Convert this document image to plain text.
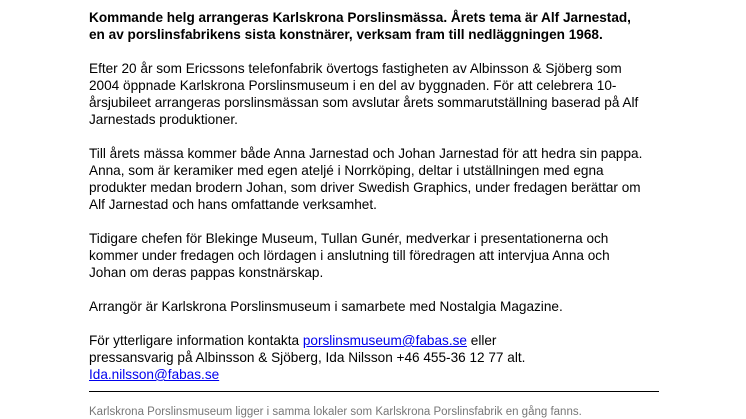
Kommande helg arrangeras Karlskrona Porslinsmässa. Årets tema är Alf Jarnestad,
en av porslinsfabrikens sista konstnärer, verksam fram till nedläggningen 1968.

Efter 20 år som Ericssons telefonfabrik övertogs fastigheten av Albinsson & Sjöberg som
2004 öppnade Karlskrona Porslinsmuseum i en del av byggnaden. För att celebrera 10-
årsjubileet arrangeras porslinsmässan som avslutar årets sommarutställning baserad på Alf
Jarnestads produktioner.

Till årets mässa kommer både Anna Jarnestad och Johan Jarnestad för att hedra sin pappa.
Anna, som är keramiker med egen ateljé i Norrköping, deltar i utställningen med egna
produkter medan brodern Johan, som driver Swedish Graphics, under fredagen berättar om
Alf Jarnestad och hans omfattande verksamhet.

Tidigare chefen för Blekinge Museum, Tullan Gunér, medverkar i presentationerna och
kommer under fredagen och lördagen i anslutning till föredragen att intervjua Anna och
Johan om deras pappas konstnärskap.

Arrangör är Karlskrona Porslinsmuseum i samarbete med Nostalgia Magazine.

För ytterligare information kontakta porslinsmuseum@fabas.se eller
pressansvarig på Albinsson & Sjöberg, Ida Nilsson +46 455-36 12 77 alt.
Ida.nilsson@fabas.se

Karlskrona Porslinsmuseum ligger i samma lokaler som Karlskrona Porslinsfabrik en gång fanns.
